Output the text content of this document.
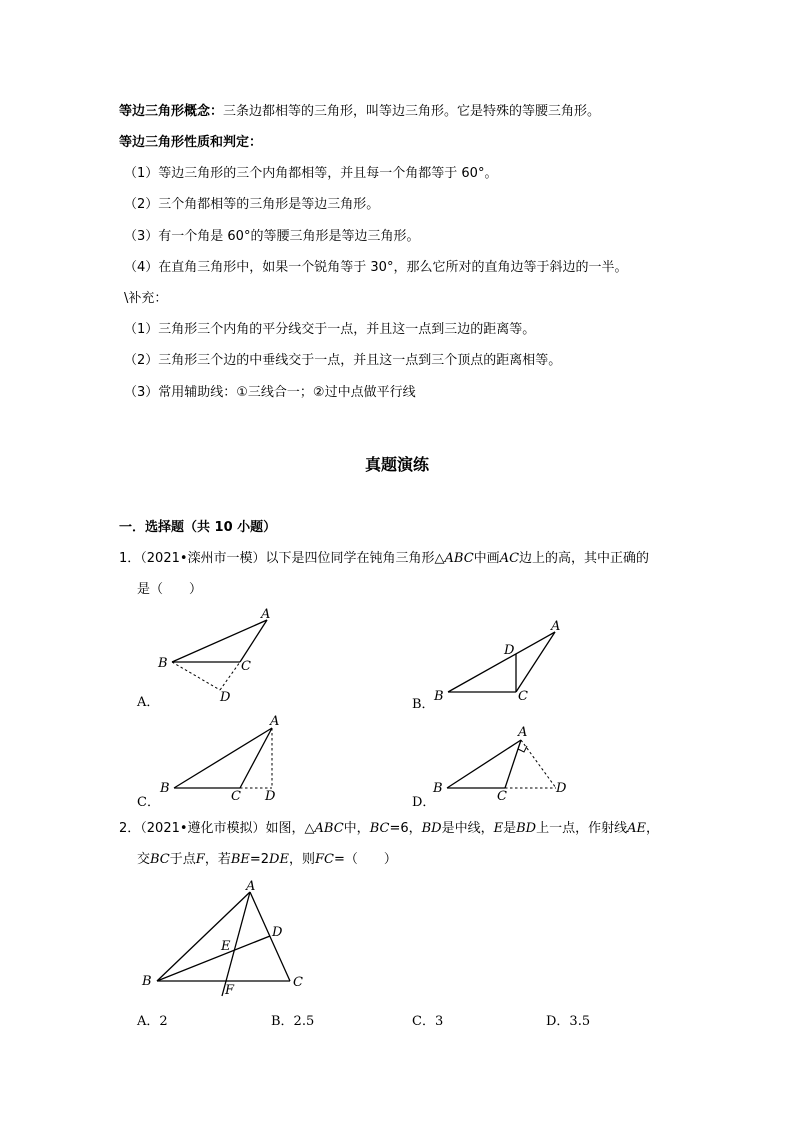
等边三角形概念：三条边都相等的三角形，叫等边三角形。它是特殊的等腰三角形。
等边三角形性质和判定：
（1）等边三角形的三个内角都相等，并且每一个角都等于 60°。
（2）三个角都相等的三角形是等边三角形。
（3）有一个角是 60°的等腰三角形是等边三角形。
（4）在直角三角形中，如果一个锐角等于 30°，那么它所对的直角边等于斜边的一半。
\补充：
（1）三角形三个内角的平分线交于一点，并且这一点到三边的距离等。
（2）三角形三个边的中垂线交于一点，并且这一点到三个顶点的距离相等。
（3）常用辅助线：①三线合一；②过中点做平行线
真题演练
一．选择题（共 10 小题）
1．（2021•滦州市一模）以下是四位同学在钝角三角形△ABC中画AC边上的高，其中正确的
是（　　）
A
B	C
D
A．
A
B	C
D
B．
A
B
C D
C．
A
B
C
D
D．
2．（2021•遵化市模拟）如图，△ABC中，BC=6，BD是中线，E是BD上一点，作射线AE，
交BC于点F，若BE=2DE，则FC=（　　）
A
B	C
D
E
F
A．2	B．2.5	C．3	D．3.5
